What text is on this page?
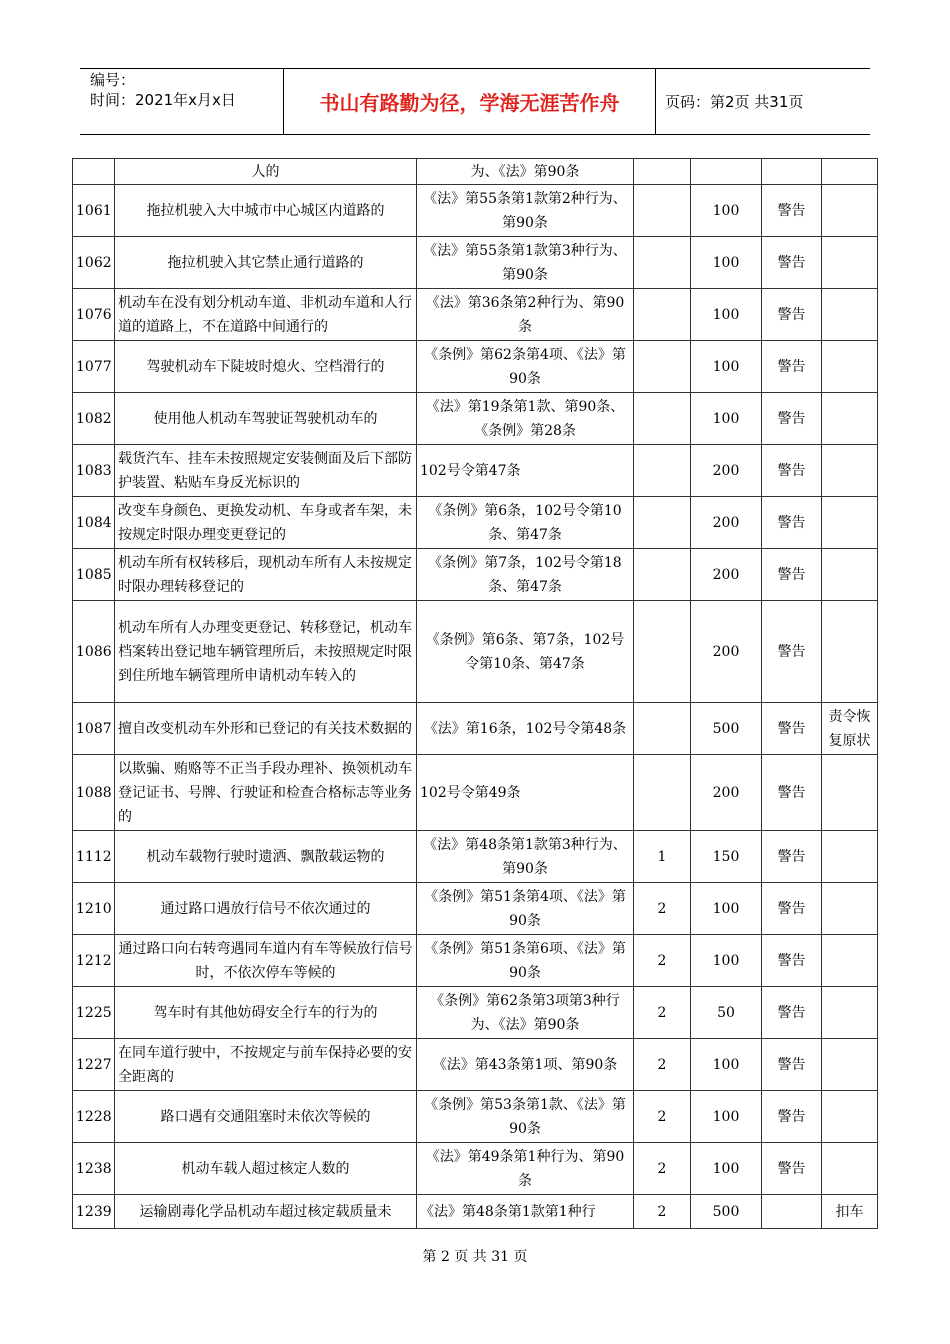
编号：
时间：2021年x月x日	书山有路勤为径，学海无涯苦作舟	页码：第2页 共31页
	人的	为、《法》第90条				
1061	拖拉机驶入大中城市中心城区内道路的	《法》第55条第1款第2种行为、第90条		100	警告	
1062	拖拉机驶入其它禁止通行道路的	《法》第55条第1款第3种行为、第90条		100	警告	
1076	机动车在没有划分机动车道、非机动车道和人行道的道路上，不在道路中间通行的	《法》第36条第2种行为、第90条		100	警告	
1077	驾驶机动车下陡坡时熄火、空档滑行的	《条例》第62条第4项、《法》第90条		100	警告	
1082	使用他人机动车驾驶证驾驶机动车的	《法》第19条第1款、第90条、《条例》第28条		100	警告	
1083	载货汽车、挂车未按照规定安装侧面及后下部防护装置、粘贴车身反光标识的	102号令第47条		200	警告	
1084	改变车身颜色、更换发动机、车身或者车架，未按规定时限办理变更登记的	《条例》第6条，102号令第10条、第47条		200	警告	
1085	机动车所有权转移后，现机动车所有人未按规定时限办理转移登记的	《条例》第7条，102号令第18条、第47条		200	警告	
1086	机动车所有人办理变更登记、转移登记，机动车档案转出登记地车辆管理所后，未按照规定时限到住所地车辆管理所申请机动车转入的	《条例》第6条、第7条，102号令第10条、第47条		200	警告	
1087	擅自改变机动车外形和已登记的有关技术数据的	《法》第16条，102号令第48条		500	警告	责令恢复原状
1088	以欺骗、贿赂等不正当手段办理补、换领机动车登记证书、号牌、行驶证和检查合格标志等业务的	102号令第49条		200	警告	
1112	机动车载物行驶时遗洒、飘散载运物的	《法》第48条第1款第3种行为、第90条	1	150	警告	
1210	通过路口遇放行信号不依次通过的	《条例》第51条第4项、《法》第90条	2	100	警告	
1212	通过路口向右转弯遇同车道内有车等候放行信号时，不依次停车等候的	《条例》第51条第6项、《法》第90条	2	100	警告	
1225	驾车时有其他妨碍安全行车的行为的	《条例》第62条第3项第3种行为、《法》第90条	2	50	警告	
1227	在同车道行驶中，不按规定与前车保持必要的安全距离的	《法》第43条第1项、第90条	2	100	警告	
1228	路口遇有交通阻塞时未依次等候的	《条例》第53条第1款、《法》第90条	2	100	警告	
1238	机动车载人超过核定人数的	《法》第49条第1种行为、第90条	2	100	警告	
1239	运输剧毒化学品机动车超过核定载质量未	《法》第48条第1款第1种行	2	500		扣车
第 2 页 共 31 页
